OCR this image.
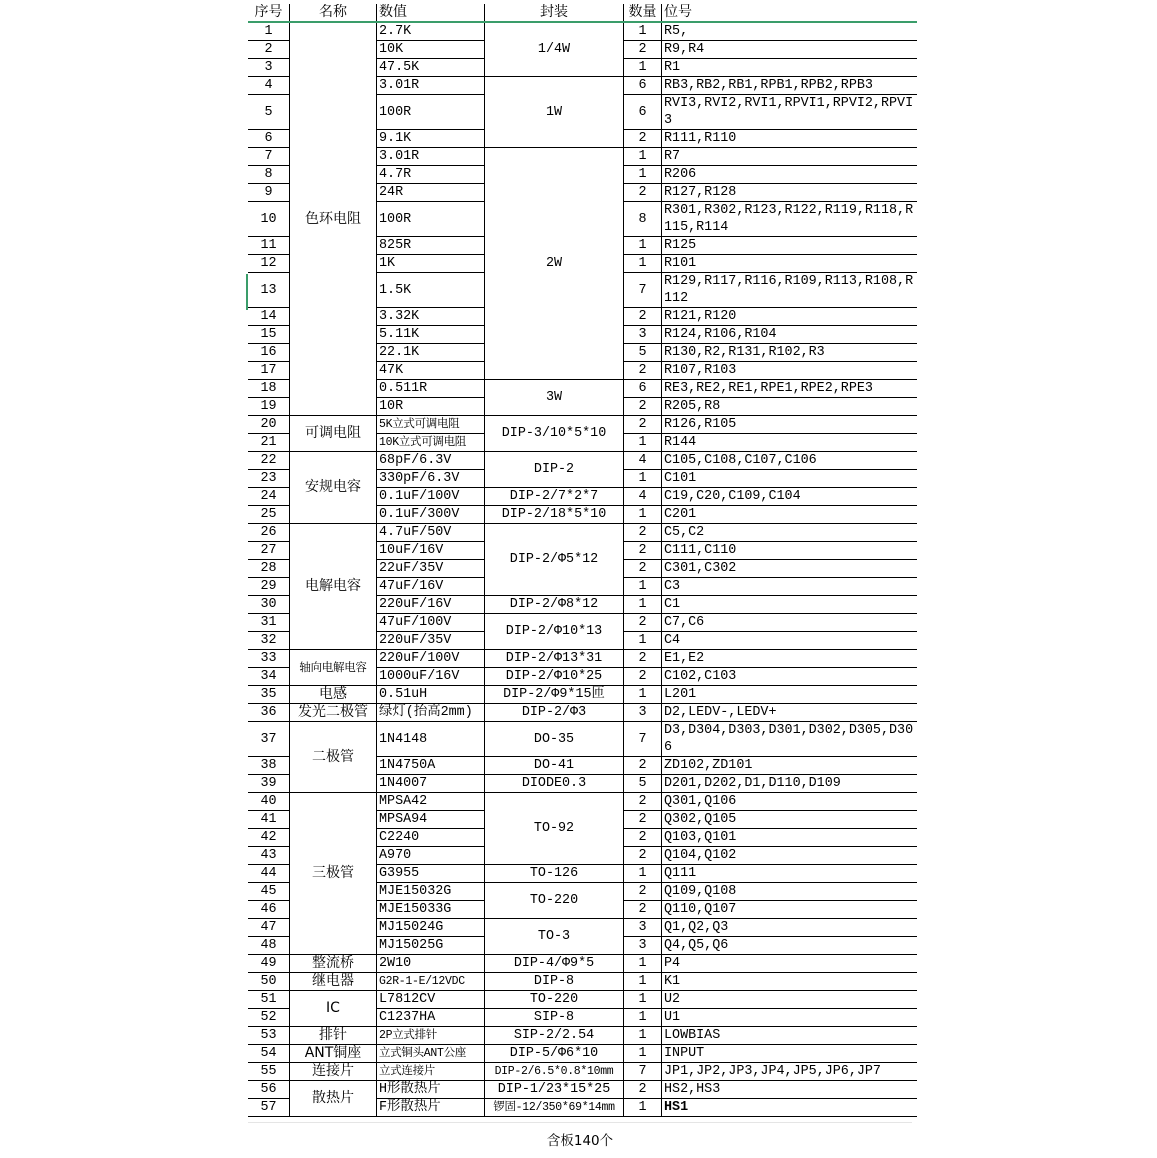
序号	名称	数值	封装	数量	位号
1	色环电阻	2.7K	1/4W	1	R5,
2		10K		2	R9,R4
3		47.5K		1	R1
4		3.01R	1W	6	RB3,RB2,RB1,RPB1,RPB2,RPB3
5		100R		6	RVI3,RVI2,RVI1,RPVI1,RPVI2,RPVI3
6		9.1K		2	R111,R110
7		3.01R	2W	1	R7
8		4.7R		1	R206
9		24R		2	R127,R128
10		100R		8	R301,R302,R123,R122,R119,R118,R115,R114
11		825R		1	R125
12		1K		1	R101
13		1.5K		7	R129,R117,R116,R109,R113,R108,R112
14		3.32K		2	R121,R120
15		5.11K		3	R124,R106,R104
16		22.1K		5	R130,R2,R131,R102,R3
17		47K		2	R107,R103
18		0.511R	3W	6	RE3,RE2,RE1,RPE1,RPE2,RPE3
19		10R		2	R205,R8
20	可调电阻	5K立式可调电阻	DIP-3/10*5*10	2	R126,R105
21		10K立式可调电阻		1	R144
22	安规电容	68pF/6.3V	DIP-2	4	C105,C108,C107,C106
23		330pF/6.3V		1	C101
24		0.1uF/100V	DIP-2/7*2*7	4	C19,C20,C109,C104
25		0.1uF/300V	DIP-2/18*5*10	1	C201
26	电解电容	4.7uF/50V	DIP-2/Φ5*12	2	C5,C2
27		10uF/16V		2	C111,C110
28		22uF/35V		2	C301,C302
29		47uF/16V		1	C3
30		220uF/16V	DIP-2/Φ8*12	1	C1
31		47uF/100V	DIP-2/Φ10*13	2	C7,C6
32		220uF/35V		1	C4
33	轴向电解电容	220uF/100V	DIP-2/Φ13*31	2	E1,E2
34		1000uF/16V	DIP-2/Φ10*25	2	C102,C103
35	电感	0.51uH	DIP-2/Φ9*15匝	1	L201
36	发光二极管	绿灯(抬高2mm)	DIP-2/Φ3	3	D2,LEDV-,LEDV+
37	二极管	1N4148	DO-35	7	D3,D304,D303,D301,D302,D305,D306
38		1N4750A	DO-41	2	ZD102,ZD101
39		1N4007	DIODE0.3	5	D201,D202,D1,D110,D109
40	三极管	MPSA42	TO-92	2	Q301,Q106
41		MPSA94		2	Q302,Q105
42		C2240		2	Q103,Q101
43		A970		2	Q104,Q102
44		G3955	TO-126	1	Q111
45		MJE15032G	TO-220	2	Q109,Q108
46		MJE15033G		2	Q110,Q107
47		MJ15024G	TO-3	3	Q1,Q2,Q3
48		MJ15025G		3	Q4,Q5,Q6
49	整流桥	2W10	DIP-4/Φ9*5	1	P4
50	继电器	G2R-1-E/12VDC	DIP-8	1	K1
51	IC	L7812CV	TO-220	1	U2
52		C1237HA	SIP-8	1	U1
53	排针	2P立式排针	SIP-2/2.54	1	LOWBIAS
54	ANT铜座	立式铜头ANT公座	DIP-5/Φ6*10	1	INPUT
55	连接片	立式连接片	DIP-2/6.5*0.8*10mm	7	JP1,JP2,JP3,JP4,JP5,JP6,JP7
56	散热片	H形散热片	DIP-1/23*15*25	2	HS2,HS3
57		F形散热片	锣固-12/350*69*14mm	1	HS1
含板140个
